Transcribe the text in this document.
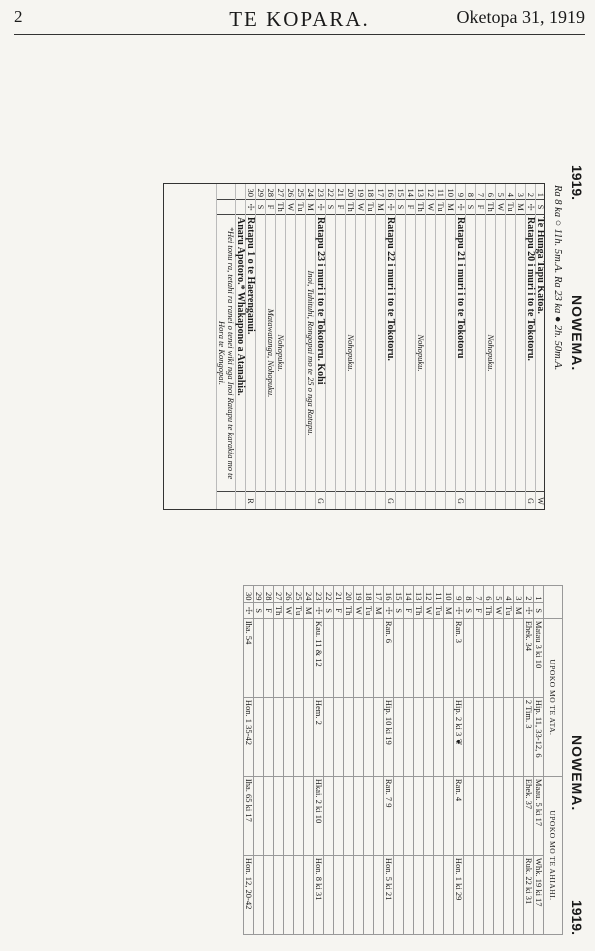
2	TE KOPARA.	Oketopa 31, 1919
1919.
NOWEMA.
Ra 8 ka ○ 11h. 5m.A. Ra 23 ka ● 2h. 50m.A.
1	S	Te Hunga Tapu Katoa.	W
2	☩	Ratapu 20 i muri i to te Tokotoru.	G
3	M		
4	Tu		
5	W		
6	Th	Nohopuku.	
7	F		
8	S		
9	☩	Ratapu 21 i muri i to te Tokotoru	G
10	M		
11	Tu		
12	W		
13	Th	Nohopuku.	
14	F		
15	S		
16	☩	Ratapu 22 i muri i to te Tokotoru.	G
17	M		
18	Tu		
19	W		
20	Th	Nohopuku.	
21	F		
22	S		
23	☩	Ratapu 23 i muri i to te Tokotoru. Kohi	G
24	M	Inoi, Tuhituhi, Rongopai mo te 25 o nga Ratapu.	
25	Tu		
26	W		
27	Th	Nohopuku.	
28	F	Matawatanga, Nohopuku.	
29	S		
30	☩	Ratapu 1 o te Haerenganui.	R
		Anaru Apotoro.* Whakapono a Atanahia.	
		*Hei tonu ra, tetahi ra ranei o tenei wiki nga Inoi Ratapu te karakia mo te Hora te Kongopai.	
NOWEMA.
1919.
		UPOKO MO TE ATA.		UPOKO MO TE AHIAHI.	
1	S	Matau 3 ki 10	Hip. 11, 33-12, 6	Maau. 5 ki 17	Whk. 19 ki 17
2	☩	Ehek. 34	2 Tim. 3	Ehek. 37	Ruk. 22 ki 31
3	M				
4	Tu				
5	W				
6	Th				
7	F				
8	S				
9	☩	Ran. 3	Hip. 2 ki 3 ❦	Ran. 4	Hon. 1 ki 29
10	M				
11	Tu				
12	W				
13	Th				
14	F				
15	S				
16	☩	Ran. 6	Hip. 10 ki 19	Ran. 7 9	Hon. 5 ki 21
17	M				
18	Tu				
19	W				
20	Th				
21	F				
22	S				
23	☩	Kau. 11 & 12	Hem. 2	Hkai. 2 ki 10	Hon. 8 ki 31
24	M				
25	Tu				
26	W				
27	Th				
28	F				
29	S				
30	☩	Iha. 54	Hon. 1 35-42	Iha. 65 ki 17	Hon. 12, 20-42
